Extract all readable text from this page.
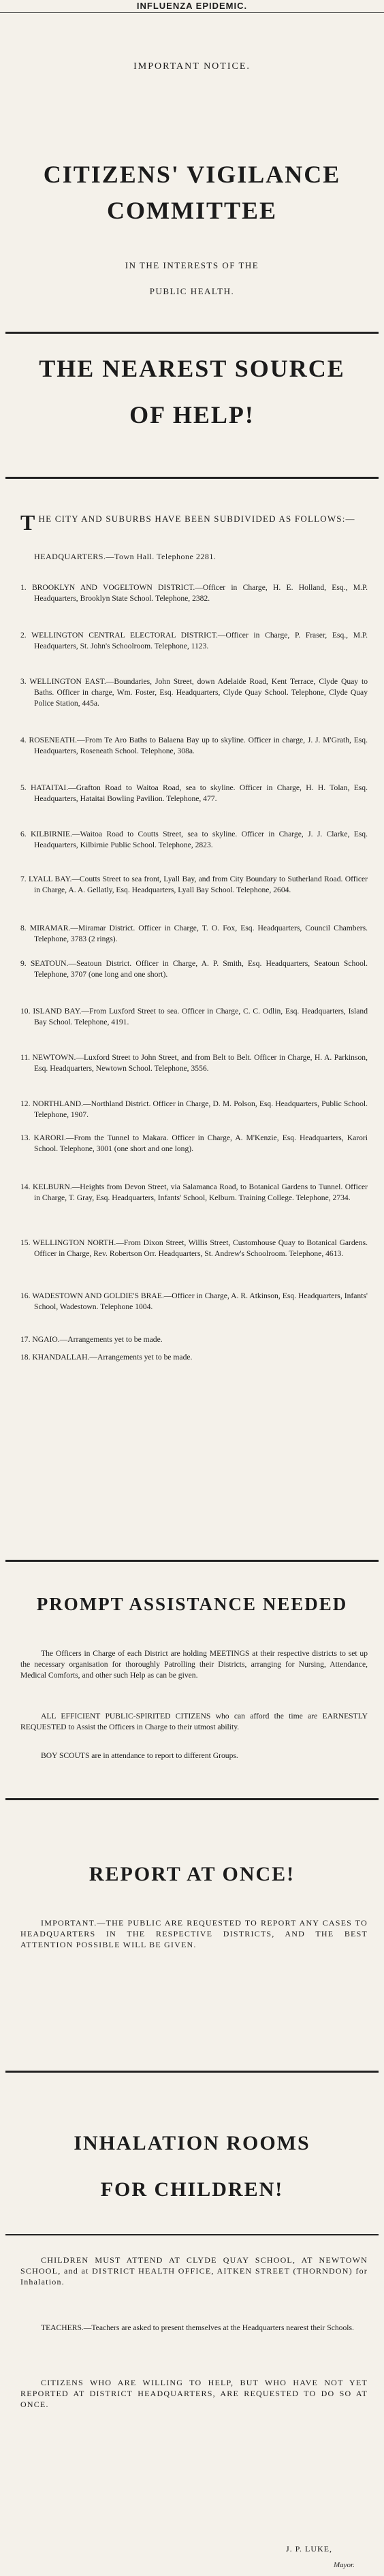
INFLUENZA EPIDEMIC.
IMPORTANT NOTICE.
CITIZENS' VIGILANCE
COMMITTEE
IN THE INTERESTS OF THE
PUBLIC HEALTH.
THE NEAREST SOURCE
OF HELP!
THE CITY AND SUBURBS HAVE BEEN SUBDIVIDED AS FOLLOWS:—
HEADQUARTERS.—Town Hall. Telephone 2281.
1. BROOKLYN AND VOGELTOWN DISTRICT.—Officer in Charge, H. E. Holland, Esq., M.P. Headquarters, Brooklyn State School. Telephone, 2382.
2. WELLINGTON CENTRAL ELECTORAL DISTRICT.—Officer in Charge, P. Fraser, Esq., M.P. Headquarters, St. John's Schoolroom. Telephone, 1123.
3. WELLINGTON EAST.—Boundaries, John Street, down Adelaide Road, Kent Terrace, Clyde Quay to Baths. Officer in charge, Wm. Foster, Esq. Headquarters, Clyde Quay School. Telephone, Clyde Quay Police Station, 445a.
4. ROSENEATH.—From Te Aro Baths to Balaena Bay up to skyline. Officer in charge, J. J. M'Grath, Esq. Headquarters, Roseneath School. Telephone, 308a.
5. HATAITAI.—Grafton Road to Waitoa Road, sea to skyline. Officer in Charge, H. H. Tolan, Esq. Headquarters, Hataitai Bowling Pavilion. Telephone, 477.
6. KILBIRNIE.—Waitoa Road to Coutts Street, sea to skyline. Officer in Charge, J. J. Clarke, Esq. Headquarters, Kilbirnie Public School. Telephone, 2823.
7. LYALL BAY.—Coutts Street to sea front, Lyall Bay, and from City Boundary to Sutherland Road. Officer in Charge, A. A. Gellatly, Esq. Headquarters, Lyall Bay School. Telephone, 2604.
8. MIRAMAR.—Miramar District. Officer in Charge, T. O. Fox, Esq. Headquarters, Council Chambers. Telephone, 3783 (2 rings).
9. SEATOUN.—Seatoun District. Officer in Charge, A. P. Smith, Esq. Headquarters, Seatoun School. Telephone, 3707 (one long and one short).
10. ISLAND BAY.—From Luxford Street to sea. Officer in Charge, C. C. Odlin, Esq. Headquarters, Island Bay School. Telephone, 4191.
11. NEWTOWN.—Luxford Street to John Street, and from Belt to Belt. Officer in Charge, H. A. Parkinson, Esq. Headquarters, Newtown School. Telephone, 3556.
12. NORTHLAND.—Northland District. Officer in Charge, D. M. Polson, Esq. Headquarters, Public School. Telephone, 1907.
13. KARORI.—From the Tunnel to Makara. Officer in Charge, A. M'Kenzie, Esq. Headquarters, Karori School. Telephone, 3001 (one short and one long).
14. KELBURN.—Heights from Devon Street, via Salamanca Road, to Botanical Gardens to Tunnel. Officer in Charge, T. Gray, Esq. Headquarters, Infants' School, Kelburn. Training College. Telephone, 2734.
15. WELLINGTON NORTH.—From Dixon Street, Willis Street, Customhouse Quay to Botanical Gardens. Officer in Charge, Rev. Robertson Orr. Headquarters, St. Andrew's Schoolroom. Telephone, 4613.
16. WADESTOWN AND GOLDIE'S BRAE.—Officer in Charge, A. R. Atkinson, Esq. Headquarters, Infants' School, Wadestown. Telephone 1004.
17. NGAIO.—Arrangements yet to be made.
18. KHANDALLAH.—Arrangements yet to be made.
PROMPT ASSISTANCE NEEDED
The Officers in Charge of each District are holding MEETINGS at their respective districts to set up the necessary organisation for thoroughly Patrolling their Districts, arranging for Nursing, Attendance, Medical Comforts, and other such Help as can be given.
ALL EFFICIENT PUBLIC-SPIRITED CITIZENS who can afford the time are EARNESTLY REQUESTED to Assist the Officers in Charge to their utmost ability.
BOY SCOUTS are in attendance to report to different Groups.
REPORT AT ONCE!
IMPORTANT.—THE PUBLIC ARE REQUESTED TO REPORT ANY CASES TO HEADQUARTERS IN THE RESPECTIVE DISTRICTS, AND THE BEST ATTENTION POSSIBLE WILL BE GIVEN.
INHALATION ROOMS
FOR CHILDREN!
CHILDREN MUST ATTEND AT CLYDE QUAY SCHOOL, AT NEWTOWN SCHOOL, and at DISTRICT HEALTH OFFICE, AITKEN STREET (THORNDON) for Inhalation.
TEACHERS.—Teachers are asked to present themselves at the Headquarters nearest their Schools.
CITIZENS WHO ARE WILLING TO HELP, BUT WHO HAVE NOT YET REPORTED AT DISTRICT HEADQUARTERS, ARE REQUESTED TO DO SO AT ONCE.
J. P. LUKE,
Mayor.
